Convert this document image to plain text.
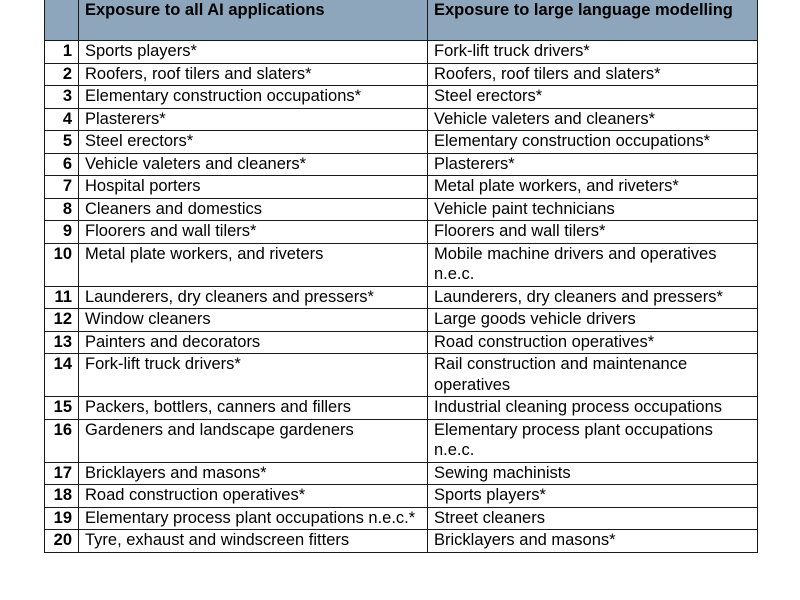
	Exposure to all AI applications	Exposure to large language modelling
1	Sports players*	Fork-lift truck drivers*
2	Roofers, roof tilers and slaters*	Roofers, roof tilers and slaters*
3	Elementary construction occupations*	Steel erectors*
4	Plasterers*	Vehicle valeters and cleaners*
5	Steel erectors*	Elementary construction occupations*
6	Vehicle valeters and cleaners*	Plasterers*
7	Hospital porters	Metal plate workers, and riveters*
8	Cleaners and domestics	Vehicle paint technicians
9	Floorers and wall tilers*	Floorers and wall tilers*
10	Metal plate workers, and riveters	Mobile machine drivers and operatives n.e.c.
11	Launderers, dry cleaners and pressers*	Launderers, dry cleaners and pressers*
12	Window cleaners	Large goods vehicle drivers
13	Painters and decorators	Road construction operatives*
14	Fork-lift truck drivers*	Rail construction and maintenance operatives
15	Packers, bottlers, canners and fillers	Industrial cleaning process occupations
16	Gardeners and landscape gardeners	Elementary process plant occupations n.e.c.
17	Bricklayers and masons*	Sewing machinists
18	Road construction operatives*	Sports players*
19	Elementary process plant occupations n.e.c.*	Street cleaners
20	Tyre, exhaust and windscreen fitters	Bricklayers and masons*
